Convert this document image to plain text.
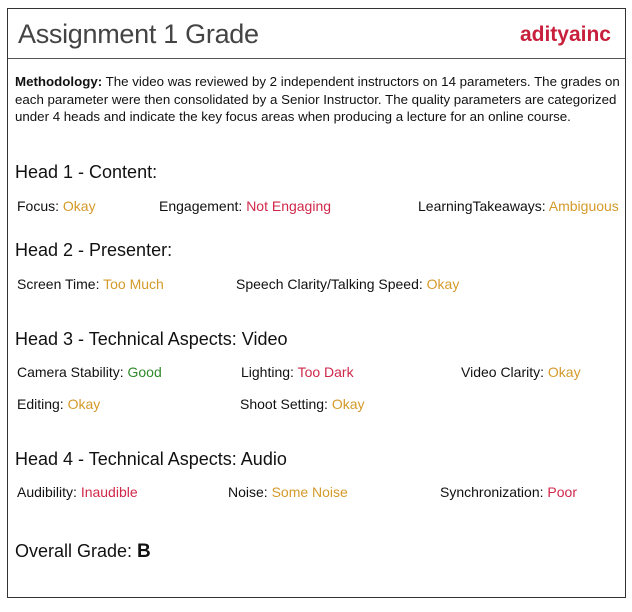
Assignment 1 Grade	adityainc
Methodology: The video was reviewed by 2 independent instructors on 14 parameters. The grades on each parameter were then consolidated by a Senior Instructor. The quality parameters are categorized under 4 heads and indicate the key focus areas when producing a lecture for an online course.
Head 1 - Content:
Focus: Okay	Engagement: Not Engaging	LearningTakeaways: Ambiguous
Head 2 - Presenter:
Screen Time: Too Much	Speech Clarity/Talking Speed: Okay
Head 3 - Technical Aspects: Video
Camera Stability: Good	Lighting: Too Dark	Video Clarity: Okay
Editing: Okay	Shoot Setting: Okay
Head 4 - Technical Aspects: Audio
Audibility: Inaudible	Noise: Some Noise	Synchronization: Poor
Overall Grade: B
